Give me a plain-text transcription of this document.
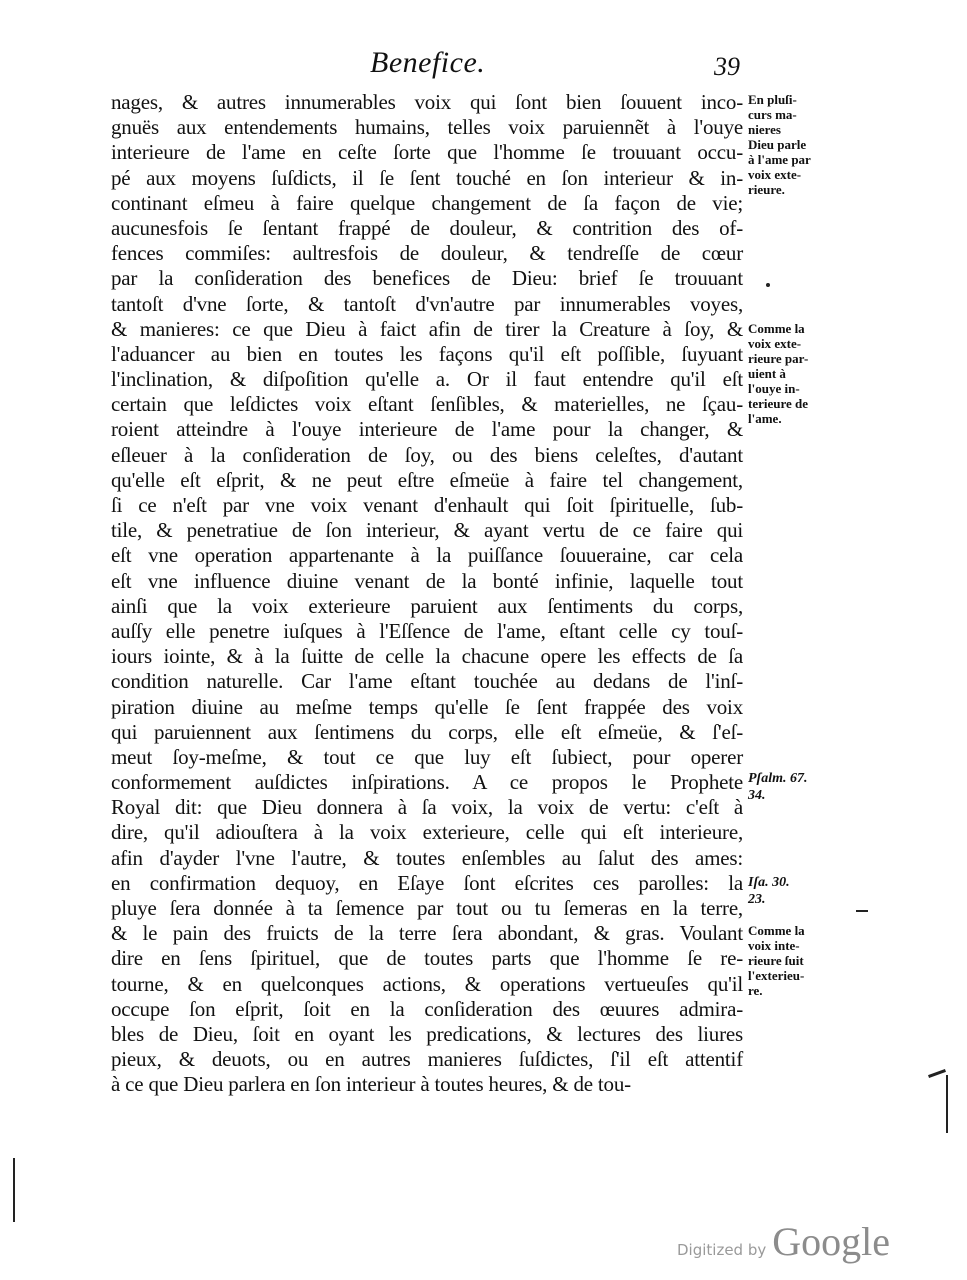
Benefice.	39
nages, & autres innumerables voix qui ſont bien ſouuent inco-
gnuës aux entendements humains, telles voix paruiennẽt à l'ouye
interieure de l'ame en ceſte ſorte que l'homme ſe trouuant occu-
pé aux moyens ſuſdicts, il ſe ſent touché en ſon interieur & in-
continant eſmeu à faire quelque changement de ſa façon de vie;
aucunesfois ſe ſentant frappé de douleur, & contrition des of-
fences commiſes: aultresfois de douleur, & tendreſſe de cœur
par la conſideration des benefices de Dieu: brief ſe trouuant
tantoſt d'vne ſorte, & tantoſt d'vn'autre par innumerables voyes,
& manieres: ce que Dieu à faict afin de tirer la Creature à ſoy, &
l'aduancer au bien en toutes les façons qu'il eſt poſſible, ſuyuant
l'inclination, & diſpoſition qu'elle a. Or il faut entendre qu'il eſt
certain que leſdictes voix eſtant ſenſibles, & materielles, ne ſçau-
roient atteindre à l'ouye interieure de l'ame pour la changer, &
eſleuer à la conſideration de ſoy, ou des biens celeſtes, d'autant
qu'elle eſt eſprit, & ne peut eſtre eſmeüe à faire tel changement,
ſi ce n'eſt par vne voix venant d'enhault qui ſoit ſpirituelle, ſub-
tile, & penetratiue de ſon interieur, & ayant vertu de ce faire qui
eſt vne operation appartenante à la puiſſance ſouueraine, car cela
eſt vne influence diuine venant de la bonté infinie, laquelle tout
ainſi que la voix exterieure paruient aux ſentiments du corps,
auſſy elle penetre iuſques à l'Eſſence de l'ame, eſtant celle cy touſ-
iours iointe, & à la ſuitte de celle la chacune opere les effects de ſa
condition naturelle. Car l'ame eſtant touchée au dedans de l'inſ-
piration diuine au meſme temps qu'elle ſe ſent frappée des voix
qui paruiennent aux ſentimens du corps, elle eſt eſmeüe, & ſ'eſ-
meut ſoy-meſme, & tout ce que luy eſt ſubiect, pour operer
conformement auſdictes inſpirations. A ce propos le Prophete
Royal dit: que Dieu donnera à ſa voix, la voix de vertu: c'eſt à
dire, qu'il adiouſtera à la voix exterieure, celle qui eſt interieure,
afin d'ayder l'vne l'autre, & toutes enſembles au ſalut des ames:
en confirmation dequoy, en Eſaye ſont eſcrites ces parolles: la
pluye ſera donnée à ta ſemence par tout ou tu ſemeras en la terre,
& le pain des fruicts de la terre ſera abondant, & gras. Voulant
dire en ſens ſpirituel, que de toutes parts que l'homme ſe re-
tourne, & en quelconques actions, & operations vertueuſes qu'il
occupe ſon eſprit, ſoit en la conſideration des œuures admira-
bles de Dieu, ſoit en oyant les predications, & lectures des liures
pieux, & deuots, ou en autres manieres ſuſdictes, ſ'il eſt attentif
à ce que Dieu parlera en ſon interieur à toutes heures, & de tou-
En pluſi-
curs ma-
nieres
Dieu parle
à l'ame par
voix exte-
rieure.
Comme la
voix exte-
rieure par-
uient à
l'ouye in-
terieure de
l'ame.
Pſalm. 67.
34.
Iſa. 30.
23.
Comme la
voix inte-
rieure ſuit
l'exterieu-
re.
Digitized by Google
